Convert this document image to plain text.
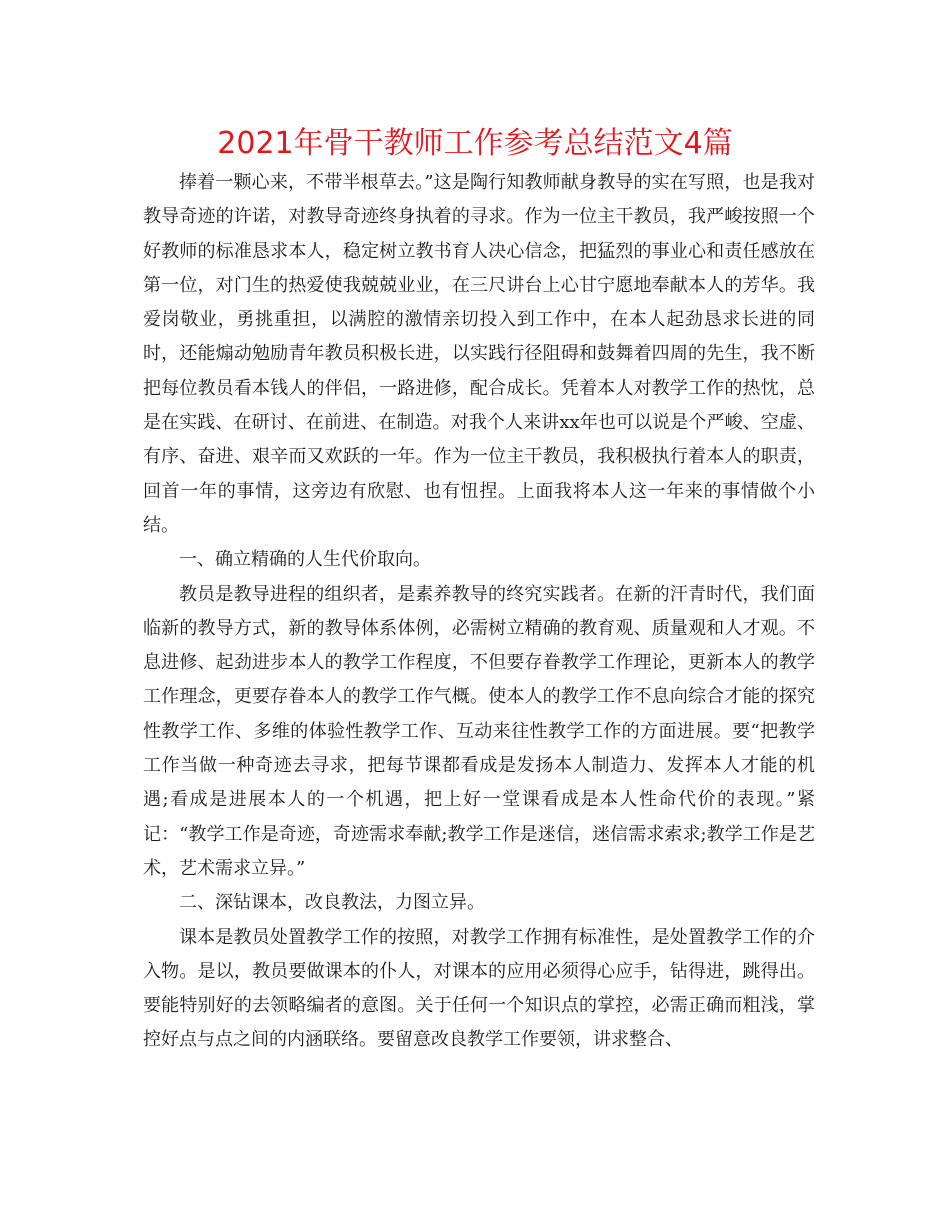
2021年骨干教师工作参考总结范文4篇

捧着一颗心来，不带半根草去。”这是陶行知教师献身教导的实在写照，也是我对教导奇迹的许诺，对教导奇迹终身执着的寻求。作为一位主干教员，我严峻按照一个好教师的标准恳求本人，稳定树立教书育人决心信念，把猛烈的事业心和责任感放在第一位，对门生的热爱使我兢兢业业，在三尺讲台上心甘宁愿地奉献本人的芳华。我爱岗敬业，勇挑重担，以满腔的激情亲切投入到工作中，在本人起劲恳求长进的同时，还能煽动勉励青年教员积极长进，以实践行径阻碍和鼓舞着四周的先生，我不断把每位教员看本钱人的伴侣，一路进修，配合成长。凭着本人对教学工作的热忱，总是在实践、在研讨、在前进、在制造。对我个人来讲xx年也可以说是个严峻、空虚、有序、奋进、艰辛而又欢跃的一年。作为一位主干教员，我积极执行着本人的职责，回首一年的事情，这旁边有欣慰、也有忸捏。上面我将本人这一年来的事情做个小结。

一、确立精确的人生代价取向。

教员是教导进程的组织者，是素养教导的终究实践者。在新的汗青时代，我们面临新的教导方式，新的教导体系体例，必需树立精确的教育观、质量观和人才观。不息进修、起劲进步本人的教学工作程度，不但要存眷教学工作理论，更新本人的教学工作理念，更要存眷本人的教学工作气概。使本人的教学工作不息向综合才能的探究性教学工作、多维的体验性教学工作、互动来往性教学工作的方面进展。要“把教学工作当做一种奇迹去寻求，把每节课都看成是发扬本人制造力、发挥本人才能的机遇;看成是进展本人的一个机遇，把上好一堂课看成是本人性命代价的表现。”紧记：“教学工作是奇迹，奇迹需求奉献;教学工作是迷信，迷信需求索求;教学工作是艺术，艺术需求立异。”

二、深钻课本，改良教法，力图立异。

课本是教员处置教学工作的按照，对教学工作拥有标准性，是处置教学工作的介入物。是以，教员要做课本的仆人，对课本的应用必须得心应手，钻得进，跳得出。要能特别好的去领略编者的意图。关于任何一个知识点的掌控，必需正确而粗浅，掌控好点与点之间的内涵联络。要留意改良教学工作要领，讲求整合、
